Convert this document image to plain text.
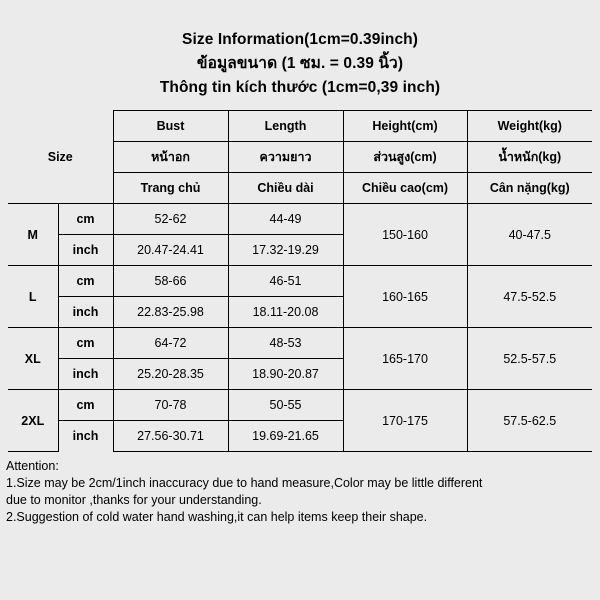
Size Information(1cm=0.39inch)
ข้อมูลขนาด (1 ซม. = 0.39 นิ้ว)
Thông tin kích thước (1cm=0,39 inch)
Size		Bust	Length	Height(cm)	Weight(kg)
		หน้าอก	ความยาว	ส่วนสูง(cm)	น้ำหนัก(kg)
		Trang chủ	Chiều dài	Chiều cao(cm)	Cân nặng(kg)
M	cm	52-62	44-49	150-160	40-47.5
	inch	20.47-24.41	17.32-19.29		
L	cm	58-66	46-51	160-165	47.5-52.5
	inch	22.83-25.98	18.11-20.08		
XL	cm	64-72	48-53	165-170	52.5-57.5
	inch	25.20-28.35	18.90-20.87		
2XL	cm	70-78	50-55	170-175	57.5-62.5
	inch	27.56-30.71	19.69-21.65		
Attention:
1.Size may be 2cm/1inch inaccuracy due to hand measure,Color may be little different
due to monitor ,thanks for your understanding.
2.Suggestion of cold water hand washing,it can help items keep their shape.
